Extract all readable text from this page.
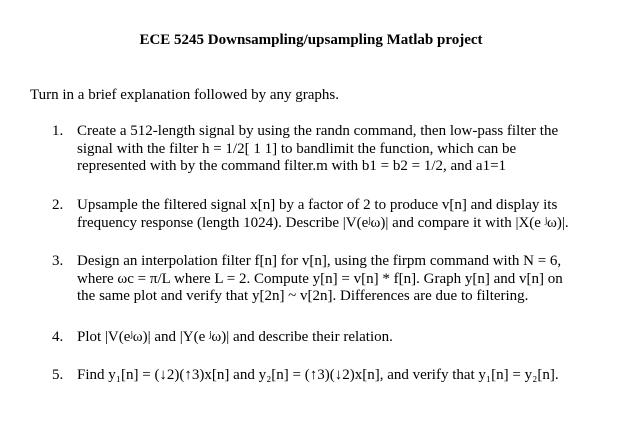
ECE 5245 Downsampling/upsampling Matlab project
Turn in a brief explanation followed by any graphs.
1. Create a 512-length signal by using the randn command, then low-pass filter the
signal with the filter h = 1/2[ 1 1] to bandlimit the function, which can be
represented with by the command filter.m with b1 = b2 = 1/2, and a1=1
2. Upsample the filtered signal x[n] by a factor of 2 to produce v[n] and display its
frequency response (length 1024). Describe |V(eʲω)| and compare it with |X(e ʲω)|.
3. Design an interpolation filter f[n] for v[n], using the firpm command with N = 6,
where ωc = π/L where L = 2. Compute y[n] = v[n] * f[n]. Graph y[n] and v[n] on
the same plot and verify that y[2n] ~ v[2n]. Differences are due to filtering.
4. Plot |V(eʲω)| and |Y(e ʲω)| and describe their relation.
5. Find y₁[n] = (↓2)(↑3)x[n] and y₂[n] = (↑3)(↓2)x[n], and verify that y₁[n] = y₂[n].
